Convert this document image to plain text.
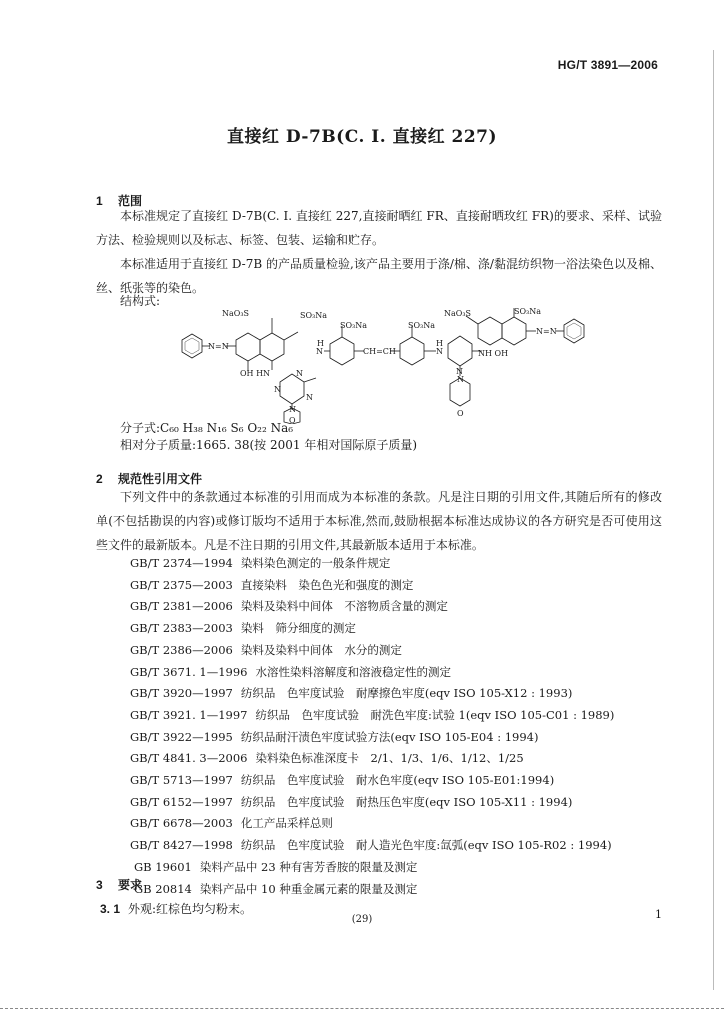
HG/T 3891—2006
直接红 D-7B(C. I. 直接红 227)
1 范围
本标准规定了直接红 D-7B(C. I. 直接红 227,直接耐晒红 FR、直接耐晒玫红 FR)的要求、采样、试验方法、检验规则以及标志、标签、包装、运输和贮存。
本标准适用于直接红 D-7B 的产品质量检验,该产品主要用于涤/棉、涤/黏混纺织物一浴法染色以及棉、丝、纸张等的染色。
结构式:
NaO₃S	SO₃Na
SO₃Na	SO₃Na
NaO₃S	SO₃Na
N=N
N=N
OH HN
NH OH
N
N
N
N
H	H
N
N
CH=CH
O
O
N
N
分子式:C₆₀ H₃₈ N₁₆ S₆ O₂₂ Na₆
相对分子质量:1665. 38(按 2001 年相对国际原子质量)
2 规范性引用文件
下列文件中的条款通过本标准的引用而成为本标准的条款。凡是注日期的引用文件,其随后所有的修改单(不包括勘误的内容)或修订版均不适用于本标准,然而,鼓励根据本标准达成协议的各方研究是否可使用这些文件的最新版本。凡是不注日期的引用文件,其最新版本适用于本标准。
GB/T 2374—1994 染料染色测定的一般条件规定
GB/T 2375—2003 直接染料　染色色光和强度的测定
GB/T 2381—2006 染料及染料中间体　不溶物质含量的测定
GB/T 2383—2003 染料　筛分细度的测定
GB/T 2386—2006 染料及染料中间体　水分的测定
GB/T 3671. 1—1996 水溶性染料溶解度和溶液稳定性的测定
GB/T 3920—1997 纺织品　色牢度试验　耐摩擦色牢度(eqv ISO 105-X12 : 1993)
GB/T 3921. 1—1997 纺织品　色牢度试验　耐洗色牢度:试验 1(eqv ISO 105-C01 : 1989)
GB/T 3922—1995 纺织品耐汗渍色牢度试验方法(eqv ISO 105-E04 : 1994)
GB/T 4841. 3—2006 染料染色标准深度卡　2/1、1/3、1/6、1/12、1/25
GB/T 5713—1997 纺织品　色牢度试验　耐水色牢度(eqv ISO 105-E01:1994)
GB/T 6152—1997 纺织品　色牢度试验　耐热压色牢度(eqv ISO 105-X11 : 1994)
GB/T 6678—2003 化工产品采样总则
GB/T 8427—1998 纺织品　色牢度试验　耐人造光色牢度:氙弧(eqv ISO 105-R02 : 1994)
GB 19601 染料产品中 23 种有害芳香胺的限量及测定
GB 20814 染料产品中 10 种重金属元素的限量及测定
3 要求
3. 1 外观:红棕色均匀粉末。
(29)	1
